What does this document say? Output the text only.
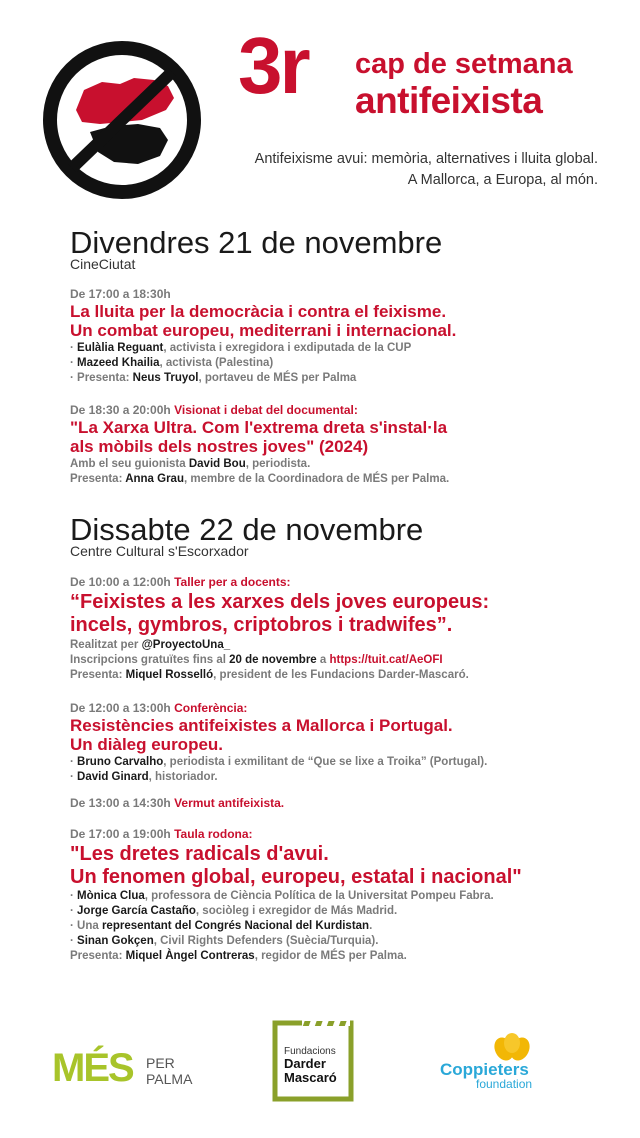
3r cap de setmana
antifeixista
Antifeixisme avui: memòria, alternatives i lluita global.
A Mallorca, a Europa, al món.
Divendres 21 de novembre
CineCiutat
De 17:00 a 18:30h
La lluita per la democràcia i contra el feixisme.
Un combat europeu, mediterrani i internacional.
· Eulàlia Reguant, activista i exregidora i exdiputada de la CUP
· Mazeed Khailia, activista (Palestina)
· Presenta: Neus Truyol, portaveu de MÉS per Palma
De 18:30 a 20:00h Visionat i debat del documental:
"La Xarxa Ultra. Com l'extrema dreta s'instal·la
als mòbils dels nostres joves" (2024)
Amb el seu guionista David Bou, periodista.
Presenta: Anna Grau, membre de la Coordinadora de MÉS per Palma.
Dissabte 22 de novembre
Centre Cultural s'Escorxador
De 10:00 a 12:00h Taller per a docents:
“Feixistes a les xarxes dels joves europeus:
incels, gymbros, criptobros i tradwifes”.
Realitzat per @ProyectoUna_
Inscripcions gratuïtes fins al 20 de novembre a https://tuit.cat/AeOFI
Presenta: Miquel Rosselló, president de les Fundacions Darder-Mascaró.
De 12:00 a 13:00h Conferència:
Resistències antifeixistes a Mallorca i Portugal.
Un diàleg europeu.
· Bruno Carvalho, periodista i exmilitant de “Que se lixe a Troika” (Portugal).
· David Ginard, historiador.
De 13:00 a 14:30h Vermut antifeixista.
De 17:00 a 19:00h Taula rodona:
"Les dretes radicals d'avui.
Un fenomen global, europeu, estatal i nacional"
· Mònica Clua, professora de Ciència Política de la Universitat Pompeu Fabra.
· Jorge García Castaño, sociòleg i exregidor de Más Madrid.
· Una representant del Congrés Nacional del Kurdistan.
· Sinan Gokçen, Civil Rights Defenders (Suècia/Turquia).
Presenta: Miquel Àngel Contreras, regidor de MÉS per Palma.
MÉS PER
PALMA
Fundacions
Darder
Mascaró	Coppieters
foundation
